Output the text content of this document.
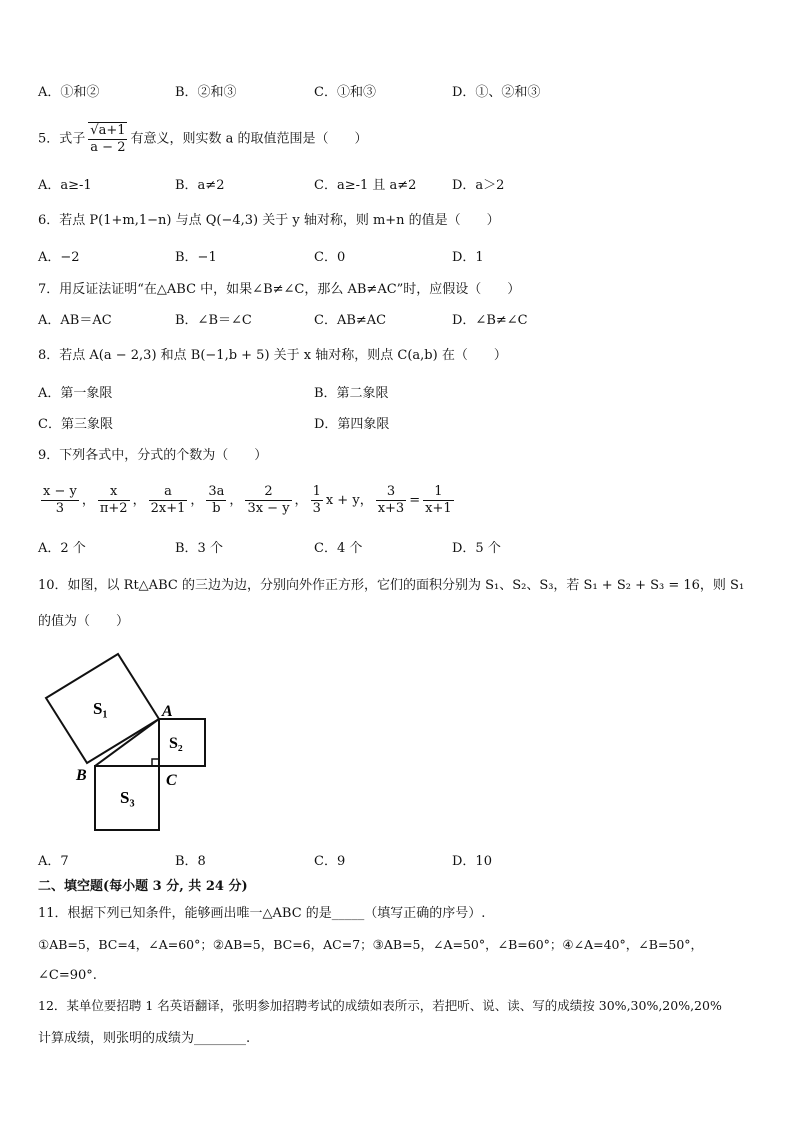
A．①和②	B．②和③	C．①和③	D．①、②和③
5．式子 $\frac{√a+1}{a - 2}$ 有意义，则实数 a 的取值范围是（　　）
A．a≥-1	B．a≠2	C．a≥-1 且 a≠2	D．a＞2
6．若点 P(1+m,1−n) 与点 Q(−4,3) 关于 y 轴对称，则 m+n 的值是（　　）
A．−2	B．−1	C．0	D．1
7．用反证法证明“在△ABC 中，如果∠B≠∠C，那么 AB≠AC”时，应假设（　　）
A．AB＝AC	B．∠B＝∠C	C．AB≠AC	D．∠B≠∠C
8．若点 A(a − 2,3) 和点 B(−1,b + 5) 关于 x 轴对称，则点 C(a,b) 在（　　）
A．第一象限	B．第二象限
C．第三象限	D．第四象限
9．下列各式中，分式的个数为（　　）
$\frac{x - y}{3}$ ， $\frac{x}{\pi+2}$ ， $\frac{a}{2x+1}$ ， $\frac{3a}{b}$ ， $\frac{2}{3x - y}$ ， $\frac{1}{3}$ x + y， $\frac{3}{x+3} = \frac{1}{x+1}$
A．2 个	B．3 个	C．4 个	D．5 个
10．如图，以 Rt△ABC 的三边为边，分别向外作正方形，它们的面积分别为 S₁、S₂、S₃，若 S₁ + S₂ + S₃ = 16，则 S₁
的值为（　　）
S₁
S₂
S₃
A
B	C
A．7	B．8	C．9	D．10
二、填空题(每小题 3 分, 共 24 分)
11．根据下列已知条件，能够画出唯一△ABC 的是_____（填写正确的序号）.
①AB=5，BC=4，∠A=60°；②AB=5，BC=6，AC=7；③AB=5，∠A=50°，∠B=60°；④∠A=40°，∠B=50°，
∠C=90°.
12．某单位要招聘 1 名英语翻译，张明参加招聘考试的成绩如表所示，若把听、说、读、写的成绩按 30%,30%,20%,20%
计算成绩，则张明的成绩为________.
